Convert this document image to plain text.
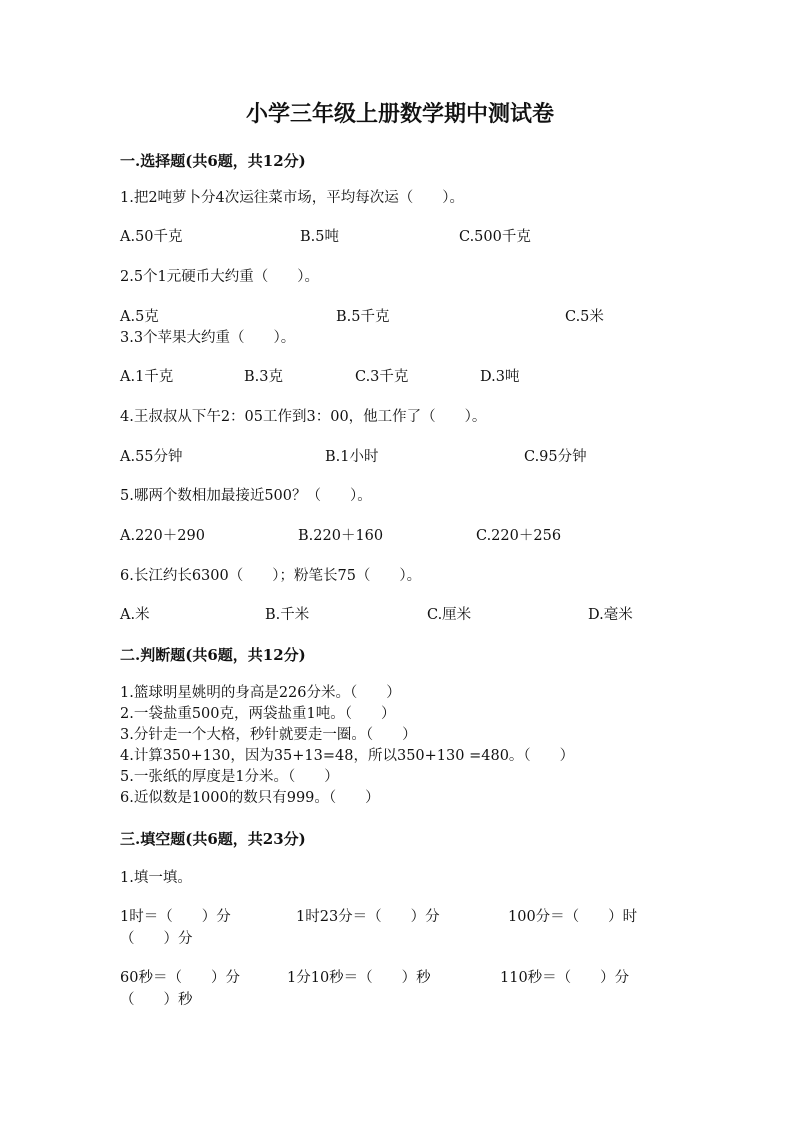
小学三年级上册数学期中测试卷
一.选择题(共6题，共12分)
1.把2吨萝卜分4次运往菜市场，平均每次运（　　）。
A.50千克	B.5吨	C.500千克
2.5个1元硬币大约重（　　）。
A.5克	B.5千克	C.5米
3.3个苹果大约重（　　）。
A.1千克	B.3克	C.3千克	D.3吨
4.王叔叔从下午2：05工作到3：00，他工作了（　　）。
A.55分钟	B.1小时	C.95分钟
5.哪两个数相加最接近500？（　　）。
A.220＋290	B.220＋160	C.220＋256
6.长江约长6300（　　）；粉笔长75（　　）。
A.米	B.千米	C.厘米	D.毫米
二.判断题(共6题，共12分)
1.篮球明星姚明的身高是226分米。（　　）
2.一袋盐重500克，两袋盐重1吨。（　　）
3.分针走一个大格，秒针就要走一圈。（　　）
4.计算350+130，因为35+13=48，所以350+130 =480。（　　）
5.一张纸的厚度是1分米。（　　）
6.近似数是1000的数只有999。（　　）
三.填空题(共6题，共23分)
1.填一填。
1时＝（　　）分	1时23分＝（　　）分	100分＝（　　）时
（　　）分
60秒＝（　　）分	1分10秒＝（　　）秒	110秒＝（　　）分
（　　）秒
